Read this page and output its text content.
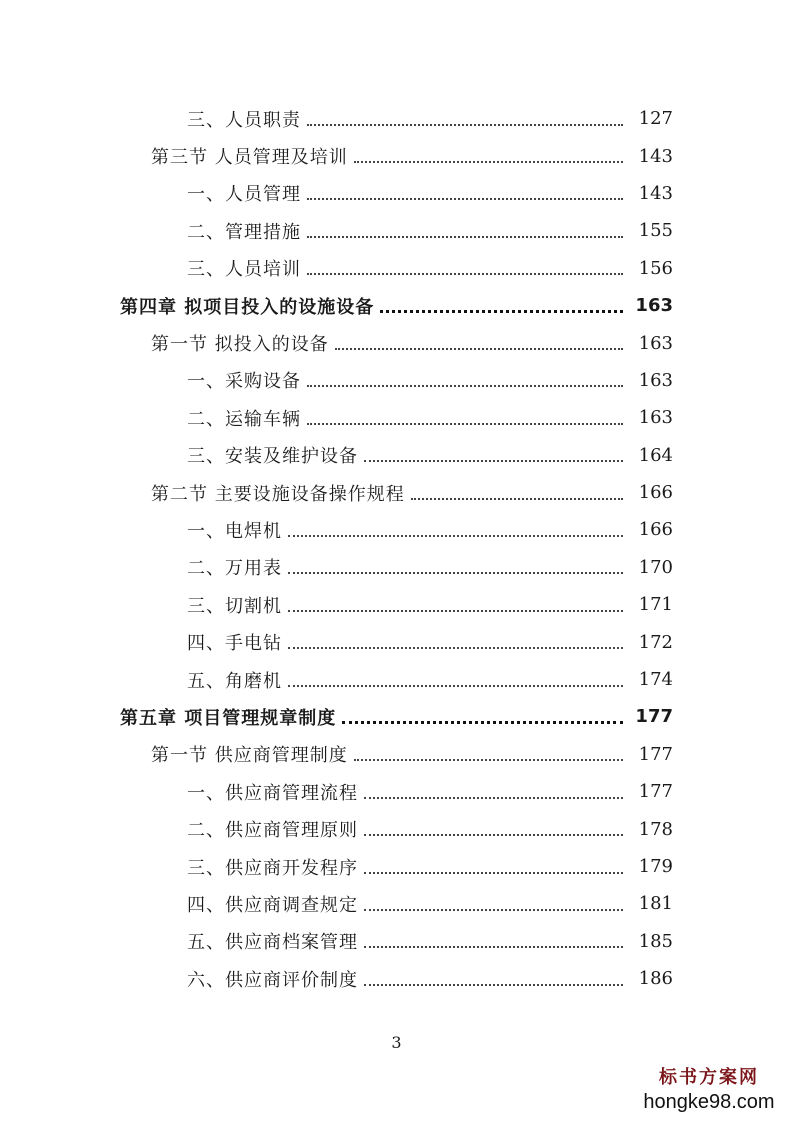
三、人员职责	127
第三节 人员管理及培训	143
一、人员管理	143
二、管理措施	155
三、人员培训	156
第四章 拟项目投入的设施设备	163
第一节 拟投入的设备	163
一、采购设备	163
二、运输车辆	163
三、安装及维护设备	164
第二节 主要设施设备操作规程	166
一、电焊机	166
二、万用表	170
三、切割机	171
四、手电钻	172
五、角磨机	174
第五章 项目管理规章制度	177
第一节 供应商管理制度	177
一、供应商管理流程	177
二、供应商管理原则	178
三、供应商开发程序	179
四、供应商调查规定	181
五、供应商档案管理	185
六、供应商评价制度	186
3
标书方案网
hongke98.com
